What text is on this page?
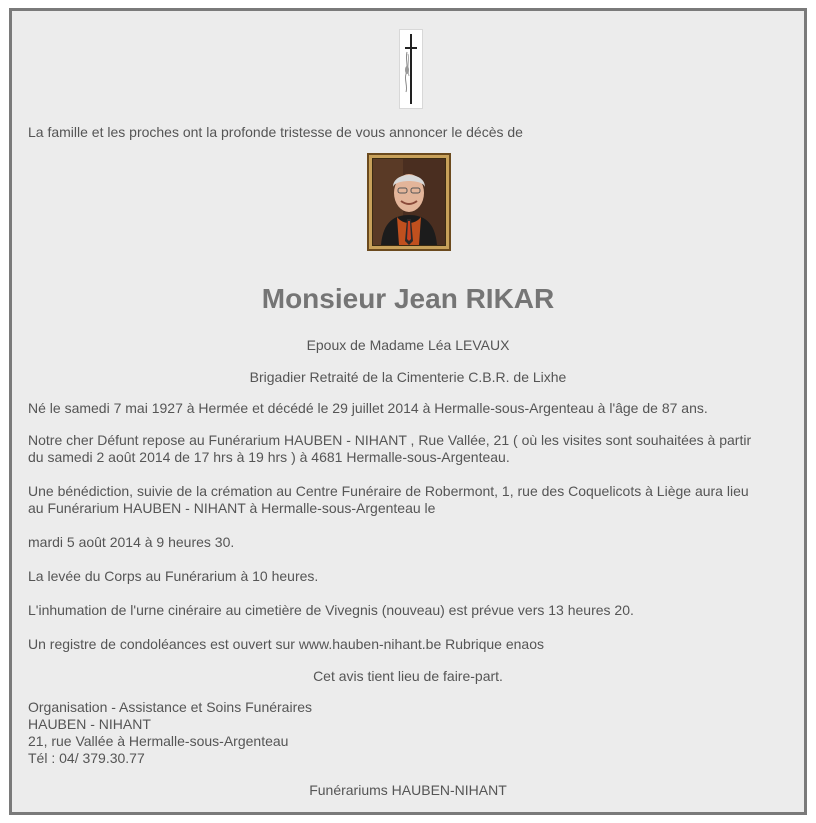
La famille et les proches ont la profonde tristesse de vous annoncer le décès de

Monsieur Jean RIKAR

Epoux de Madame Léa LEVAUX

Brigadier Retraité de la Cimenterie C.B.R. de Lixhe

Né le samedi 7 mai 1927 à Hermée et décédé le 29 juillet 2014 à Hermalle-sous-Argenteau à l'âge de 87 ans.

Notre cher Défunt repose au Funérarium HAUBEN - NIHANT , Rue Vallée, 21 ( où les visites sont souhaitées à partir

du samedi 2 août 2014 de 17 hrs à 19 hrs ) à 4681 Hermalle-sous-Argenteau.

Une bénédiction, suivie de la crémation au Centre Funéraire de Robermont, 1, rue des Coquelicots à Liège aura lieu

au Funérarium HAUBEN - NIHANT à Hermalle-sous-Argenteau le

mardi 5 août 2014 à 9 heures 30.

La levée du Corps au Funérarium à 10 heures.

L'inhumation de l'urne cinéraire au cimetière de Vivegnis (nouveau) est prévue vers 13 heures 20.

Un registre de condoléances est ouvert sur www.hauben-nihant.be Rubrique enaos

Cet avis tient lieu de faire-part.

Organisation - Assistance et Soins Funéraires

HAUBEN - NIHANT

21, rue Vallée à Hermalle-sous-Argenteau

Tél : 04/ 379.30.77

Funérariums HAUBEN-NIHANT
